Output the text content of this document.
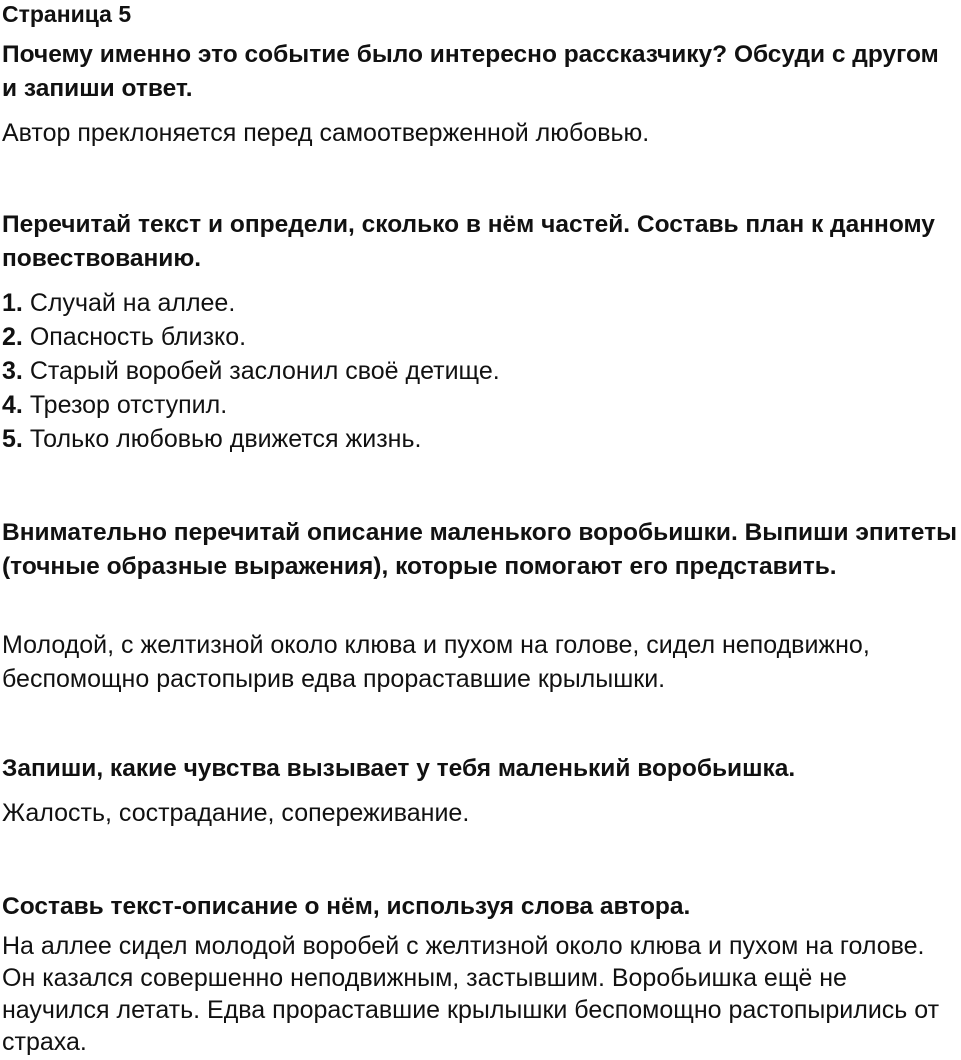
Страница 5

Почему именно это событие было интересно рассказчику? Обсуди с другом и запиши ответ.

Автор преклоняется перед самоотверженной любовью.

Перечитай текст и определи, сколько в нём частей. Составь план к данному повествованию.

1. Случай на аллее.
2. Опасность близко.
3. Старый воробей заслонил своё детище.
4. Трезор отступил.
5. Только любовью движется жизнь.

Внимательно перечитай описание маленького воробьишки. Выпиши эпитеты (точные образные выражения), которые помогают его представить.

Молодой, с желтизной около клюва и пухом на голове, сидел неподвижно, беспомощно растопырив едва прораставшие крылышки.

Запиши, какие чувства вызывает у тебя маленький воробьишка.

Жалость, сострадание, сопереживание.

Составь текст-описание о нём, используя слова автора.

На аллее сидел молодой воробей с желтизной около клюва и пухом на голове. Он казался совершенно неподвижным, застывшим. Воробьишка ещё не научился летать. Едва прораставшие крылышки беспомощно растопырились от страха.
